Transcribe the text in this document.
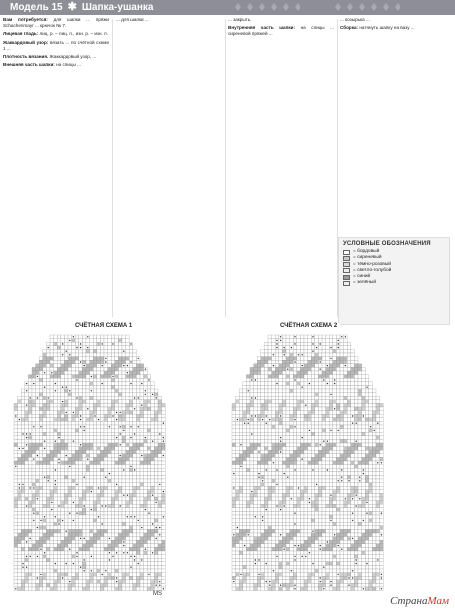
Модель 15 ✱ Шапка-ушанка

Вам потребуется: для шапки ... пряжи Schachenmayr ... крючок № 7.

Лицевая гладь: лиц. р. – лиц. п., изн. р. – изн. п.

Жаккардовый узор: вязать ... по счётной схеме 1 ...

Плотность вязания. Жаккардовый узор, ...

Внешняя часть шапки: на спицы ...

... для шапки ...	... закрыть.

Внутренняя часть шапки: на спицы ... сиреневой пряжей ...

... козырька ...

Сборка: натянуть шапку на вазу ...

УСЛОВНЫЕ ОБОЗНАЧЕНИЯ
= бордовый
= сиреневый
= тёмно-розовый
= светло-голубой
= синий
= зелёный
СЧЁТНАЯ СХЕМА 1	СЧЁТНАЯ СХЕМА 2
МS
СтранаМам
